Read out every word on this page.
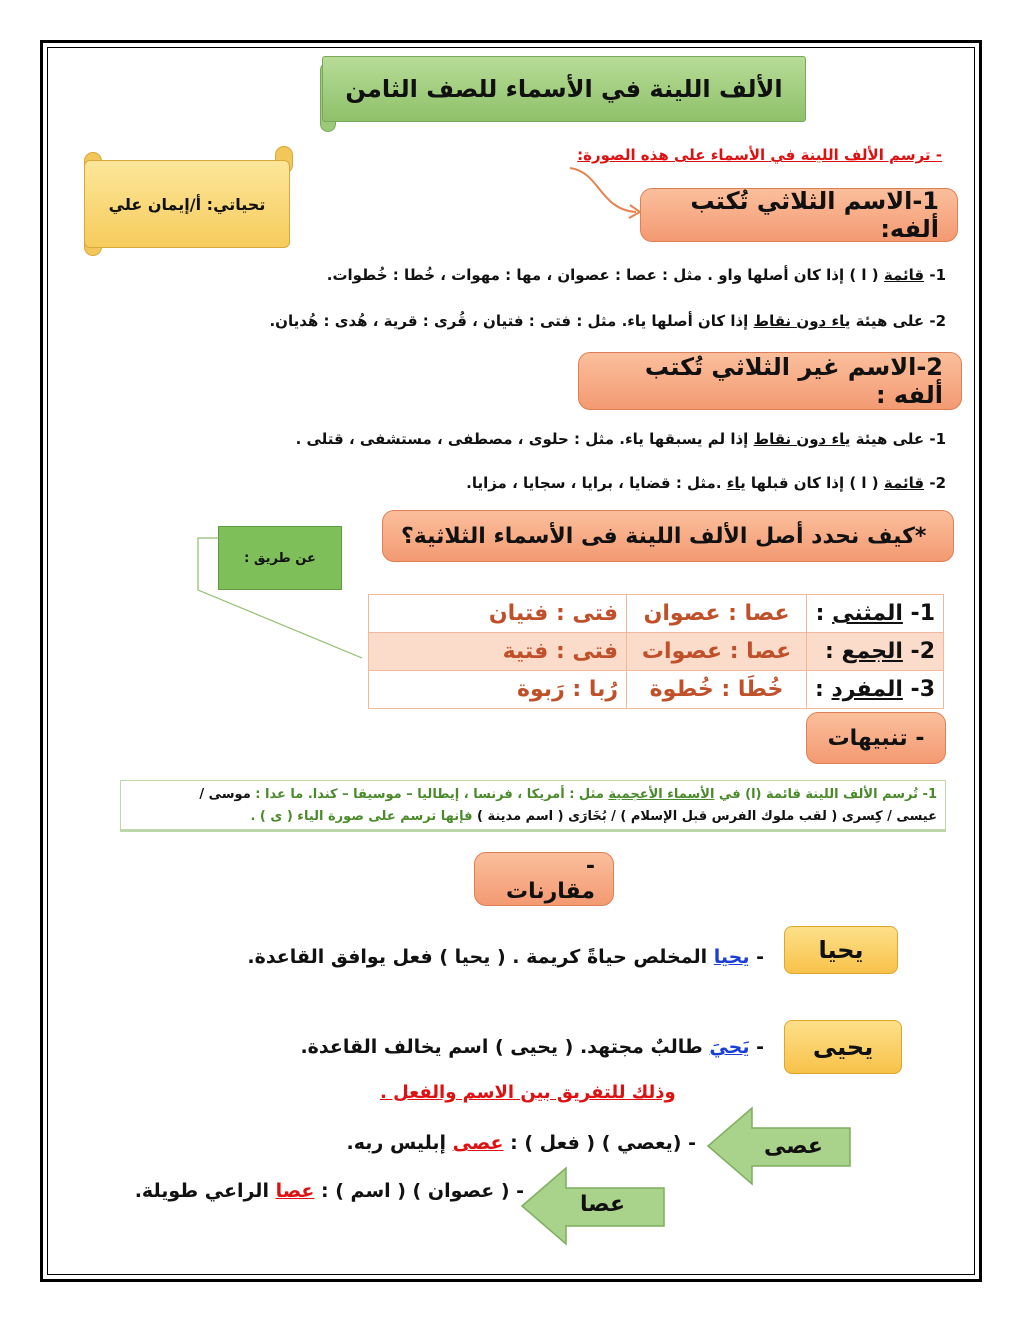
الألف اللينة في الأسماء للصف الثامن
تحياتي: أ/إيمان علي
- ترسم الألف اللينة في الأسماء على هذه الصورة:
1-الاسم الثلاثي تُكتب ألفه:
1- قائمة ( ا ) إذا كان أصلها واو . مثل : عصا : عصوان ، مها : مهوات ، خُطا : خُطوات.
2- على هيئة ياء دون نقاط إذا كان أصلها ياء. مثل : فتى : فتيان ، قُرى : قرية ، هُدى : هُديان.
2-الاسم غير الثلاثي تُكتب ألفه :
1- على هيئة ياء دون نقاط إذا لم يسبقها ياء. مثل : حلوى ، مصطفى ، مستشفى ، قتلى .
2- قائمة ( ا ) إذا كان قبلها ياء .مثل : قضايا ، برايا ، سجايا ، مزايا.
*كيف نحدد أصل الألف اللينة فى الأسماء الثلاثية؟
عن طريق :
1- المثنى :	عصا : عصوان	فتى : فتيان
2- الجمع :	عصا : عصوات	فتى : فتية
3- المفرد :	خُطَا : خُطوة	رُبا : رَبوة
- تنبيهات
1- تُرسم الألف اللينة قائمة (ا) في الأسماء الأعجمية مثل : أمريكا ، فرنسا ، إيطاليا – موسيقا – كندا. ما عدا : موسى /
عيسى / كِسرى ( لقب ملوك الفرس قبل الإسلام ) / بُخَارَى ( اسم مدينة ) فإنها ترسم على صورة الياء ( ى ) .
- مقارنات
يحيا
- يحيا المخلص حياةً كريمة . ( يحيا ) فعل يوافق القاعدة.
يحيى
- يَحيَ طالبٌ مجتهد. ( يحيى ) اسم يخالف القاعدة.
وذلك للتفريق بين الاسم والفعل .
عصى
- (يعصي ) ( فعل ) : عصى إبليس ربه.
عصا
- ( عصوان ) ( اسم ) : عصا الراعي طويلة.
